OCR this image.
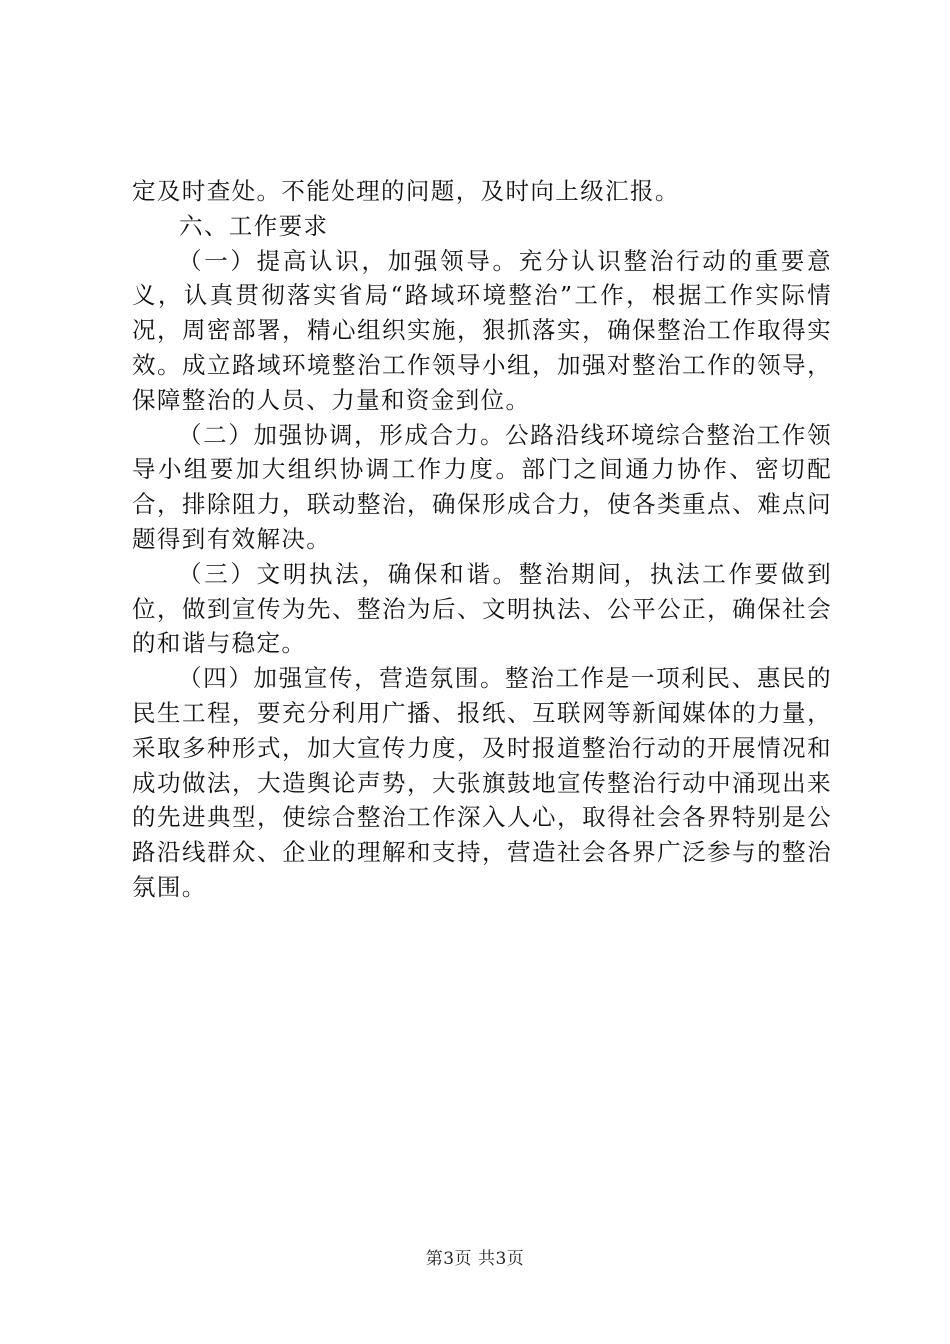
定及时查处。不能处理的问题，及时向上级汇报。

六、工作要求

（一）提高认识，加强领导。充分认识整治行动的重要意义，认真贯彻落实省局“路域环境整治”工作，根据工作实际情况，周密部署，精心组织实施，狠抓落实，确保整治工作取得实效。成立路域环境整治工作领导小组，加强对整治工作的领导，保障整治的人员、力量和资金到位。

（二）加强协调，形成合力。公路沿线环境综合整治工作领导小组要加大组织协调工作力度。部门之间通力协作、密切配合，排除阻力，联动整治，确保形成合力，使各类重点、难点问题得到有效解决。

（三）文明执法，确保和谐。整治期间，执法工作要做到位，做到宣传为先、整治为后、文明执法、公平公正，确保社会的和谐与稳定。

（四）加强宣传，营造氛围。整治工作是一项利民、惠民的民生工程，要充分利用广播、报纸、互联网等新闻媒体的力量，采取多种形式，加大宣传力度，及时报道整治行动的开展情况和成功做法，大造舆论声势，大张旗鼓地宣传整治行动中涌现出来的先进典型，使综合整治工作深入人心，取得社会各界特别是公路沿线群众、企业的理解和支持，营造社会各界广泛参与的整治氛围。

第3页 共3页
